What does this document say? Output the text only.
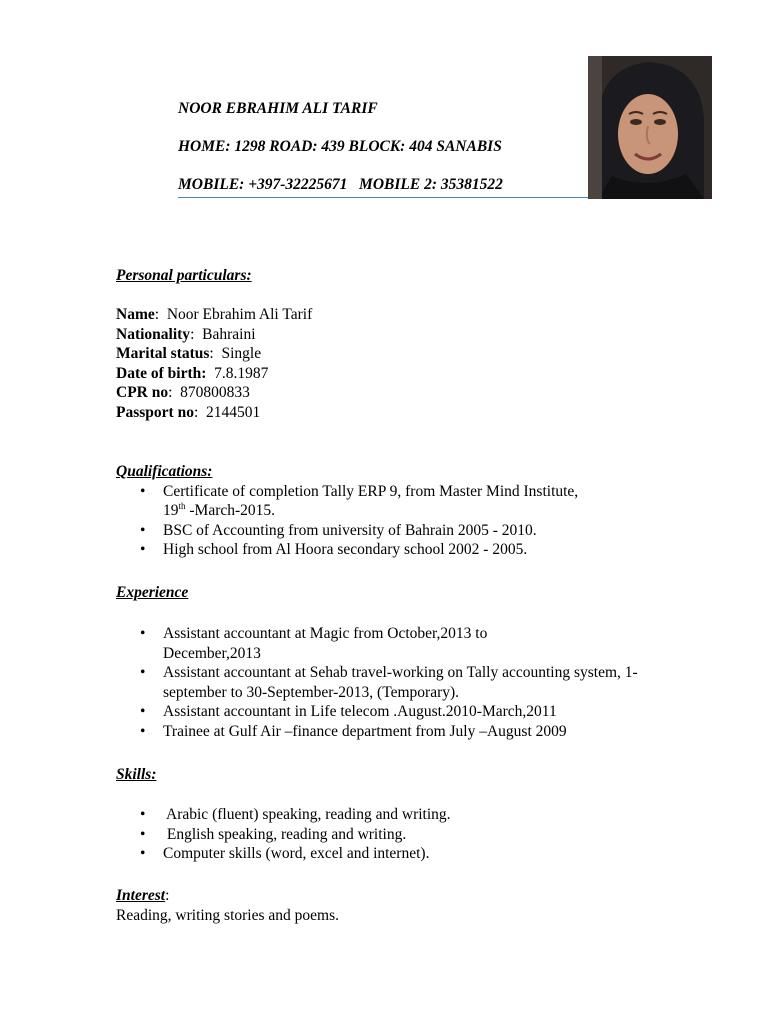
NOOR EBRAHIM ALI TARIF
HOME: 1298 ROAD: 439 BLOCK: 404 SANABIS
MOBILE: +397-32225671   MOBILE 2: 35381522
Personal particulars:
Name:  Noor Ebrahim Ali Tarif
Nationality:  Bahraini
Marital status:  Single
Date of birth: 7.8.1987
CPR no:  870800833
Passport no:  2144501
Qualifications:
• Certificate of completion Tally ERP 9, from Master Mind Institute,
19th -March-2015.
• BSC of Accounting from university of Bahrain 2005 - 2010.
• High school from Al Hoora secondary school 2002 - 2005.
Experience
• Assistant accountant at Magic from October,2013 to December,2013
• Assistant accountant at Sehab travel-working on Tally accounting system, 1-september to 30-September-2013, (Temporary).
• Assistant accountant in Life telecom .August.2010-March,2011
• Trainee at Gulf Air –finance department from July –August 2009
Skills:
• Arabic (fluent) speaking, reading and writing.
• English speaking, reading and writing.
• Computer skills (word, excel and internet).
Interest:
Reading, writing stories and poems.
